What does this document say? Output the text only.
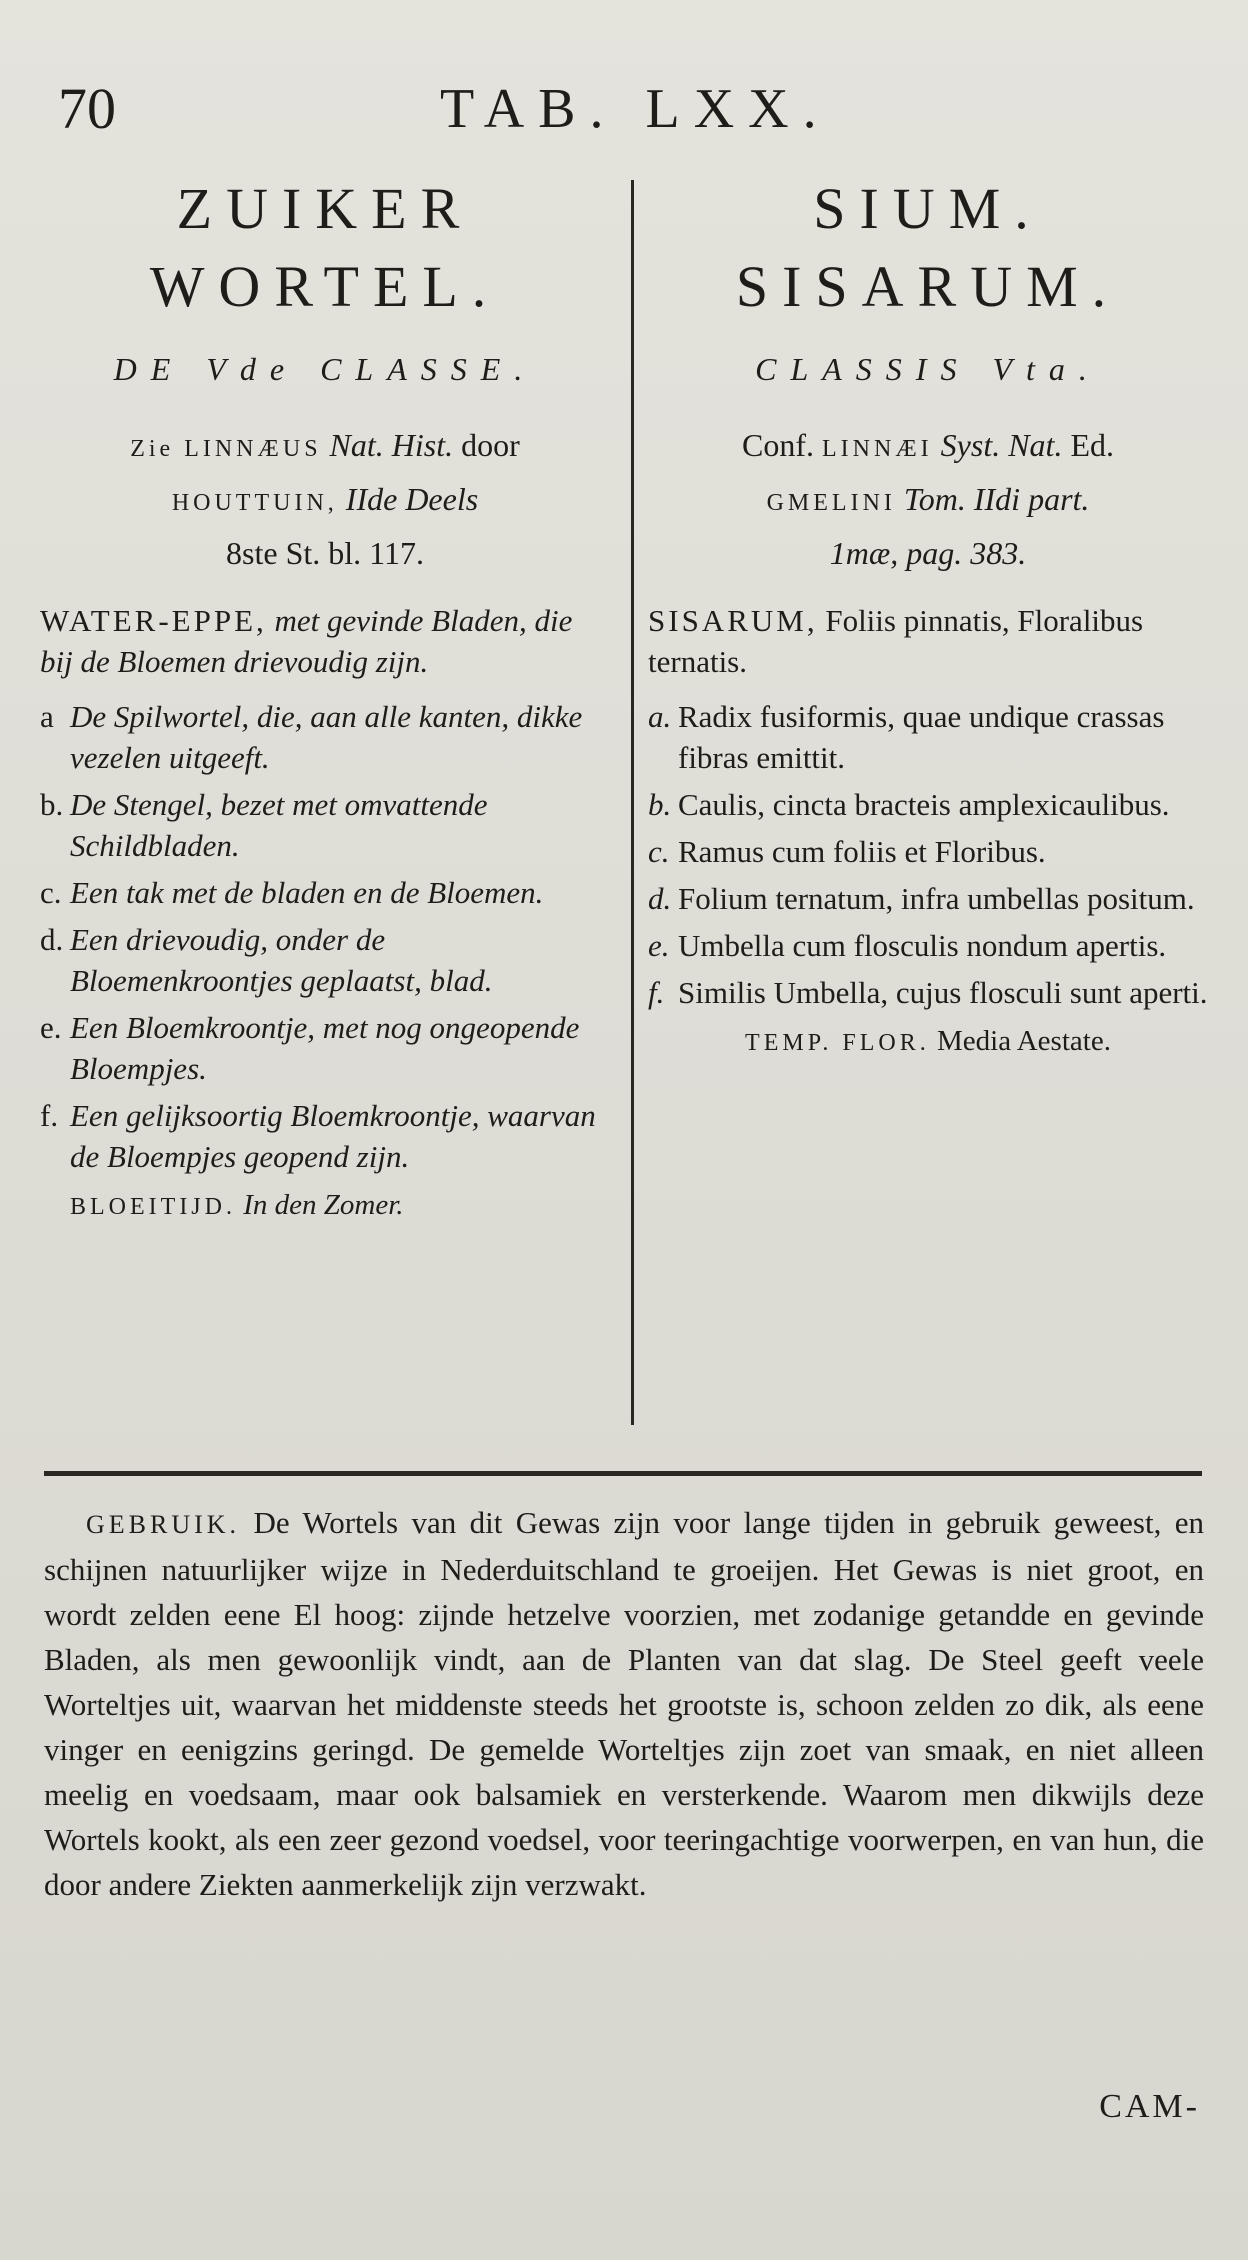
70	TAB. LXX.
ZUIKER
WORTEL.
DE Vde CLASSE.
Zie LINNÆUS Nat. Hist. door
HOUTTUIN, IIde Deels
8ste St. bl. 117.
WATER-EPPE, met gevinde Bladen, die bij de Bloemen drievoudig zijn.
a De Spilwortel, die, aan alle kanten, dikke vezelen uitgeeft.
b. De Stengel, bezet met omvattende Schildbladen.
c. Een tak met de bladen en de Bloemen.
d. Een drievoudig, onder de Bloemenkroontjes geplaatst, blad.
e. Een Bloemkroontje, met nog ongeopende Bloempjes.
f. Een gelijksoortig Bloemkroontje, waarvan de Bloempjes geopend zijn.
BLOEITIJD. In den Zomer.
SIUM.
SISARUM.
CLASSIS Vta.
Conf. LINNÆI Syst. Nat. Ed.
GMELINI Tom. IIdi part.
1mæ, pag. 383.
SISARUM, Foliis pinnatis, Floralibus ternatis.
a. Radix fusiformis, quae undique crassas fibras emittit.
b. Caulis, cincta bracteis amplexicaulibus.
c. Ramus cum foliis et Floribus.
d. Folium ternatum, infra umbellas positum.
e. Umbella cum flosculis nondum apertis.
f. Similis Umbella, cujus flosculi sunt aperti.
TEMP. FLOR. Media Aestate.
GEBRUIK. De Wortels van dit Gewas zijn voor lange tijden in gebruik geweest, en schijnen natuurlijker wijze in Nederduitschland te groeijen. Het Gewas is niet groot, en wordt zelden eene El hoog: zijnde hetzelve voorzien, met zodanige getandde en gevinde Bladen, als men gewoonlijk vindt, aan de Planten van dat slag. De Steel geeft veele Worteltjes uit, waarvan het middenste steeds het grootste is, schoon zelden zo dik, als eene vinger en eenigzins geringd. De gemelde Worteltjes zijn zoet van smaak, en niet alleen meelig en voedsaam, maar ook balsamiek en versterkende. Waarom men dikwijls deze Wortels kookt, als een zeer gezond voedsel, voor teeringachtige voorwerpen, en van hun, die door andere Ziekten aanmerkelijk zijn verzwakt.
CAM-
